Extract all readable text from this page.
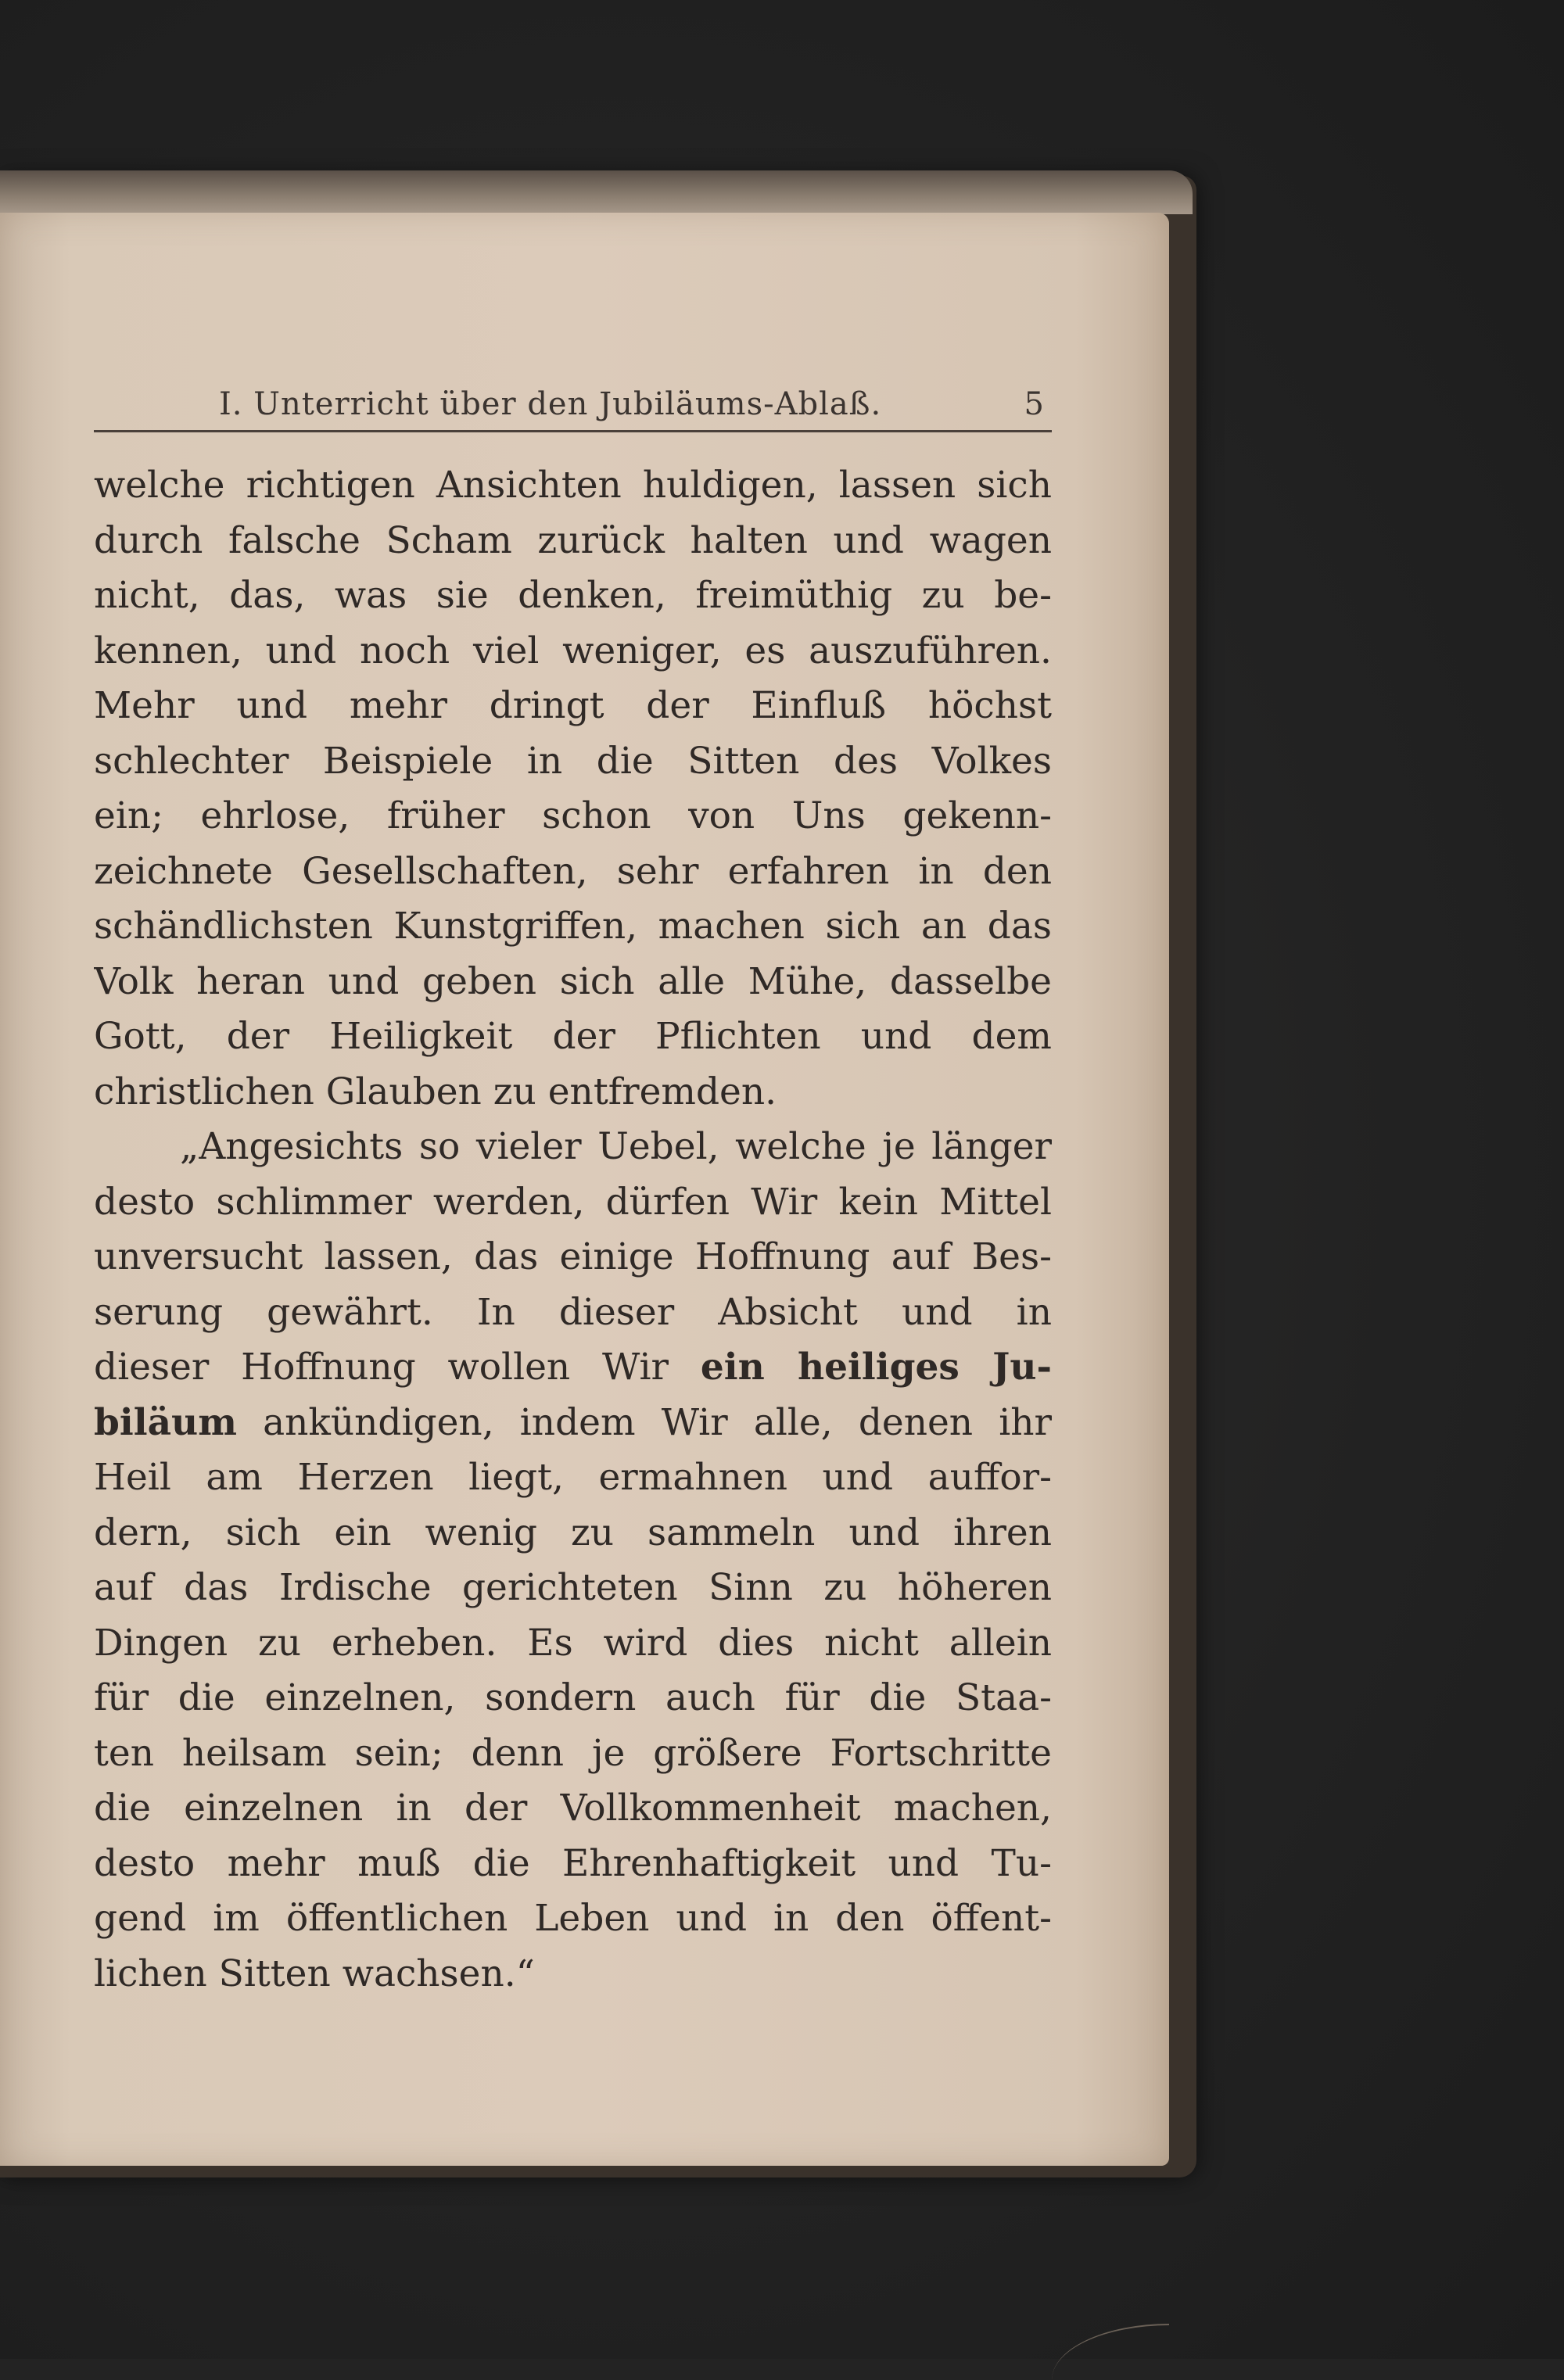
I. Unterricht über den Jubiläums-Ablaß.	5
welche richtigen Ansichten huldigen, lassen sich
durch falsche Scham zurück halten und wagen
nicht, das, was sie denken, freimüthig zu be-
kennen, und noch viel weniger, es auszuführen.
Mehr und mehr dringt der Einfluß höchst
schlechter Beispiele in die Sitten des Volkes
ein; ehrlose, früher schon von Uns gekenn-
zeichnete Gesellschaften, sehr erfahren in den
schändlichsten Kunstgriffen, machen sich an das
Volk heran und geben sich alle Mühe, dasselbe
Gott, der Heiligkeit der Pflichten und dem
christlichen Glauben zu entfremden.
„Angesichts so vieler Uebel, welche je länger
desto schlimmer werden, dürfen Wir kein Mittel
unversucht lassen, das einige Hoffnung auf Bes-
serung gewährt. In dieser Absicht und in
dieser Hoffnung wollen Wir ein heiliges Ju-
biläum ankündigen, indem Wir alle, denen ihr
Heil am Herzen liegt, ermahnen und auffor-
dern, sich ein wenig zu sammeln und ihren
auf das Irdische gerichteten Sinn zu höheren
Dingen zu erheben. Es wird dies nicht allein
für die einzelnen, sondern auch für die Staa-
ten heilsam sein; denn je größere Fortschritte
die einzelnen in der Vollkommenheit machen,
desto mehr muß die Ehrenhaftigkeit und Tu-
gend im öffentlichen Leben und in den öffent-
lichen Sitten wachsen.“
